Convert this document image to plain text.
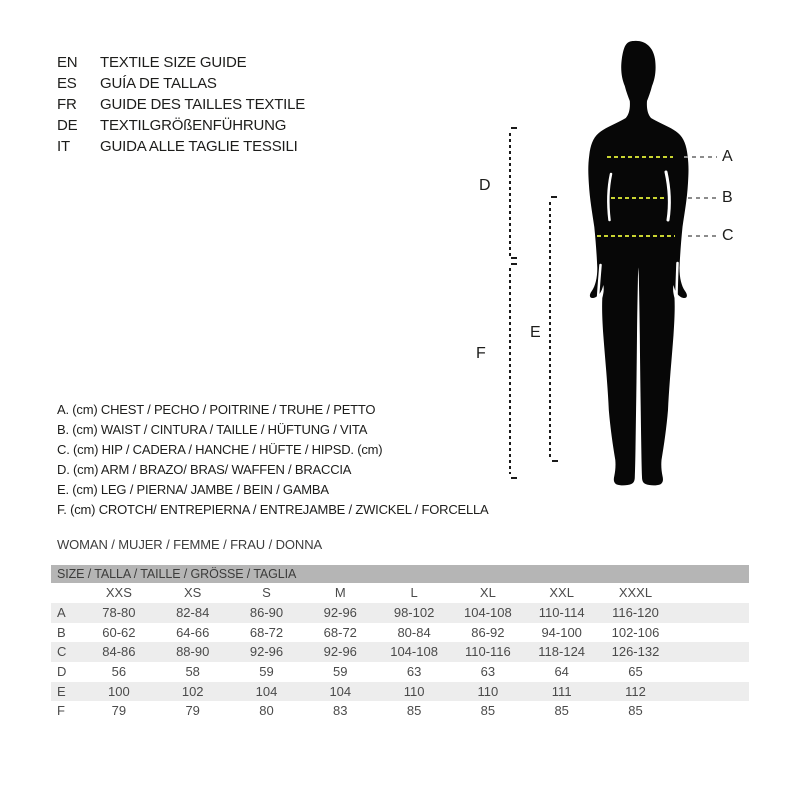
EN TEXTILE SIZE GUIDE
ES GUÍA DE TALLAS
FR GUIDE DES TAILLES TEXTILE
DE TEXTILGRÖßENFÜHRUNG
IT GUIDA ALLE TAGLIE TESSILI
A
B
C
D
E
F
A. (cm) CHEST / PECHO / POITRINE / TRUHE / PETTO
B. (cm) WAIST / CINTURA / TAILLE / HÜFTUNG / VITA
C. (cm) HIP / CADERA / HANCHE / HÜFTE / HIPSD. (cm)
D. (cm) ARM / BRAZO/ BRAS/ WAFFEN / BRACCIA
E. (cm) LEG / PIERNA/ JAMBE / BEIN / GAMBA
F. (cm) CROTCH/ ENTREPIERNA / ENTREJAMBE / ZWICKEL / FORCELLA
WOMAN / MUJER / FEMME / FRAU / DONNA
SIZE / TALLA / TAILLE / GRÖSSE / TAGLIA
XXS	XS	S	M	L	XL	XXL	XXXL
A	78-80	82-84	86-90	92-96	98-102	104-108	110-114	116-120
B	60-62	64-66	68-72	68-72	80-84	86-92	94-100	102-106
C	84-86	88-90	92-96	92-96	104-108	110-116	118-124	126-132
D	56	58	59	59	63	63	64	65
E	100	102	104	104	110	110	111	112
F	79	79	80	83	85	85	85	85
